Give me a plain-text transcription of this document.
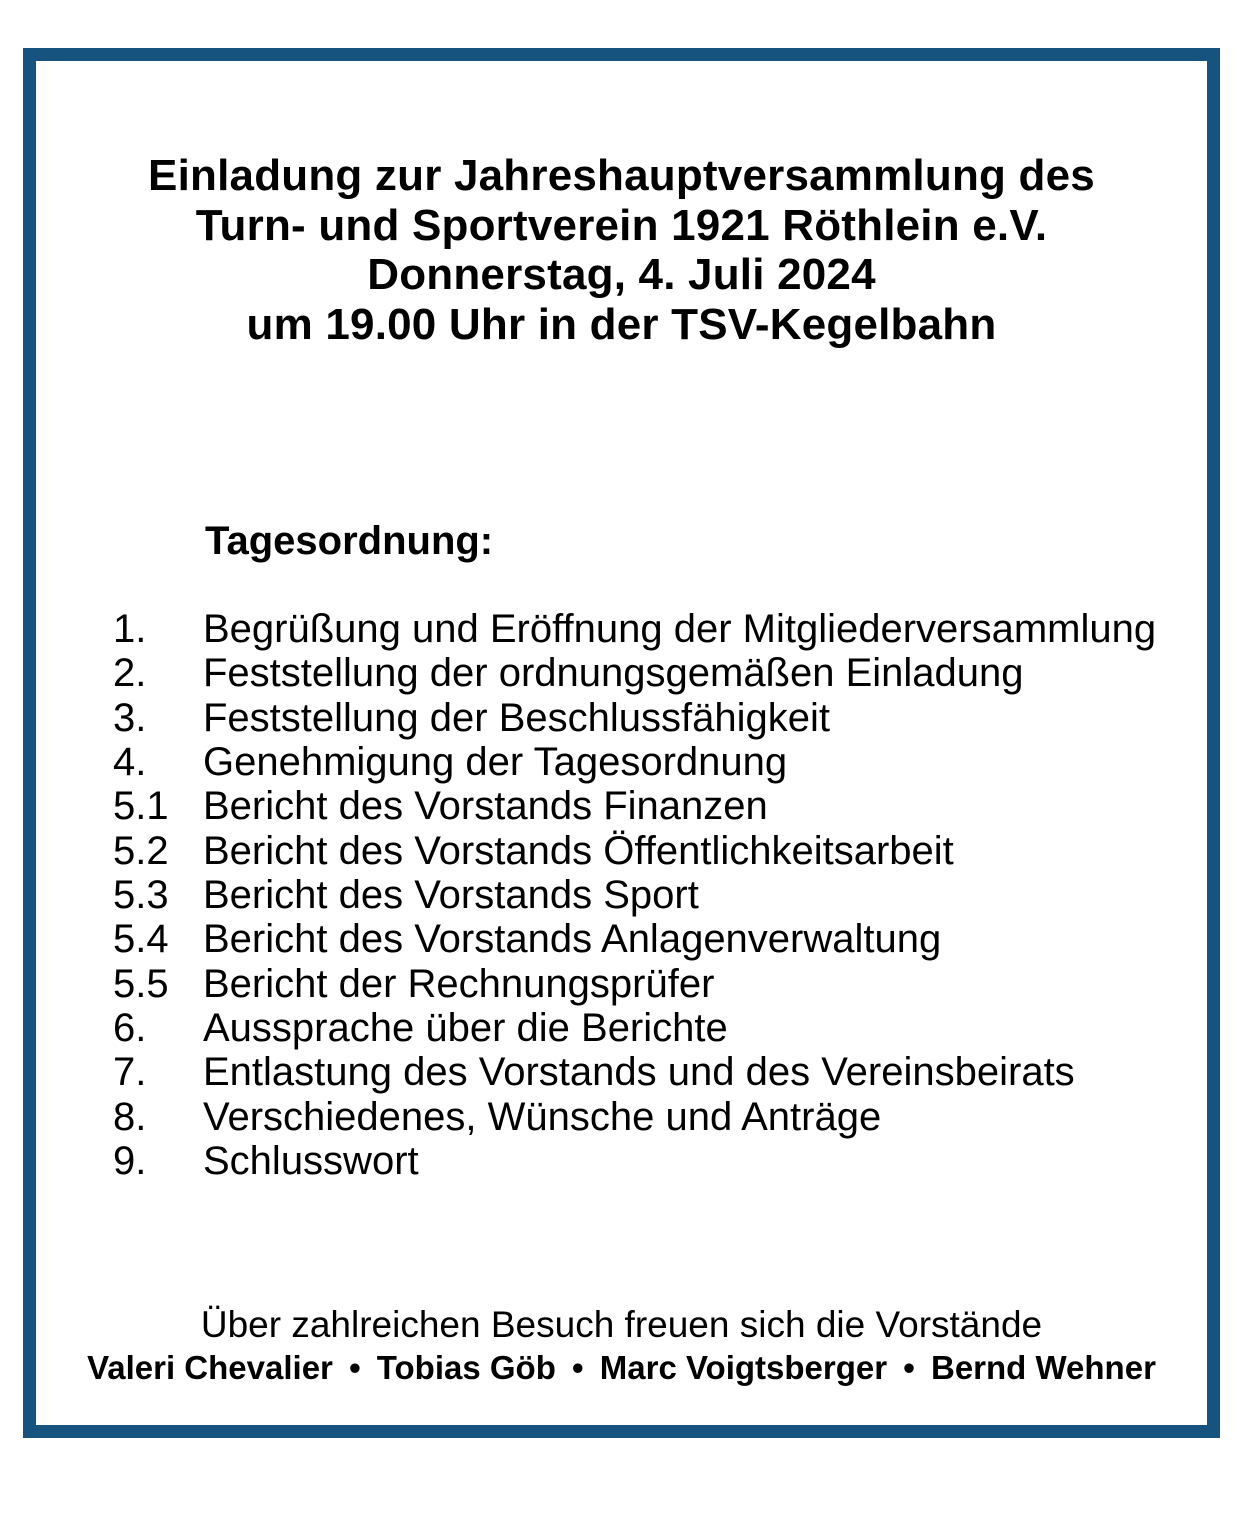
Einladung zur Jahreshauptversammlung des
Turn- und Sportverein 1921 Röthlein e.V.
Donnerstag, 4. Juli 2024
um 19.00 Uhr in der TSV-Kegelbahn
Tagesordnung:
1.	Begrüßung und Eröffnung der Mitgliederversammlung
2.	Feststellung der ordnungsgemäßen Einladung
3.	Feststellung der Beschlussfähigkeit
4.	Genehmigung der Tagesordnung
5.1 Bericht des Vorstands Finanzen
5.2 Bericht des Vorstands Öffentlichkeitsarbeit
5.3 Bericht des Vorstands Sport
5.4 Bericht des Vorstands Anlagenverwaltung
5.5 Bericht der Rechnungsprüfer
6.	Aussprache über die Berichte
7.	Entlastung des Vorstands und des Vereinsbeirats
8.	Verschiedenes, Wünsche und Anträge
9.	Schlusswort
Über zahlreichen Besuch freuen sich die Vorstände
Valeri Chevalier • Tobias Göb • Marc Voigtsberger • Bernd Wehner
